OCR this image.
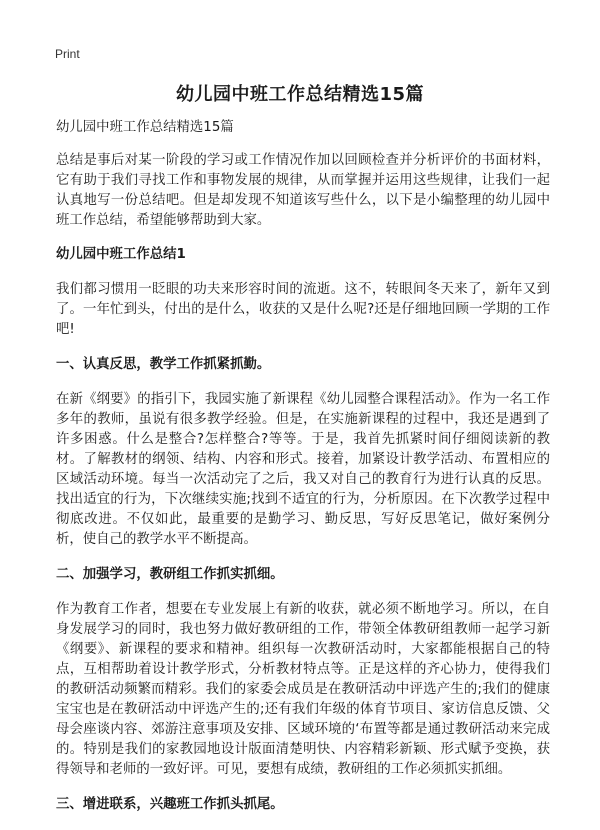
Print
幼儿园中班工作总结精选15篇

幼儿园中班工作总结精选15篇

总结是事后对某一阶段的学习或工作情况作加以回顾检查并分析评价的书面材料，它有助于我们寻找工作和事物发展的规律，从而掌握并运用这些规律，让我们一起认真地写一份总结吧。但是却发现不知道该写些什么，以下是小编整理的幼儿园中班工作总结，希望能够帮助到大家。

幼儿园中班工作总结1

我们都习惯用一眨眼的功夫来形容时间的流逝。这不，转眼间冬天来了，新年又到了。一年忙到头，付出的是什么，收获的又是什么呢?还是仔细地回顾一学期的工作吧!

一、认真反思，教学工作抓紧抓勤。

在新《纲要》的指引下，我园实施了新课程《幼儿园整合课程活动》。作为一名工作多年的教师，虽说有很多教学经验。但是，在实施新课程的过程中，我还是遇到了许多困惑。什么是整合?怎样整合?等等。于是，我首先抓紧时间仔细阅读新的教材。了解教材的纲领、结构、内容和形式。接着，加紧设计教学活动、布置相应的区域活动环境。每当一次活动完了之后，我又对自己的教育行为进行认真的反思。找出适宜的行为，下次继续实施;找到不适宜的行为，分析原因。在下次教学过程中彻底改进。不仅如此，最重要的是勤学习、勤反思，写好反思笔记，做好案例分析，使自己的教学水平不断提高。

二、加强学习，教研组工作抓实抓细。

作为教育工作者，想要在专业发展上有新的收获，就必须不断地学习。所以，在自身发展学习的同时，我也努力做好教研组的工作，带领全体教研组教师一起学习新《纲要》、新课程的要求和精神。组织每一次教研活动时，大家都能根据自己的特点，互相帮助着设计教学形式，分析教材特点等。正是这样的齐心协力，使得我们的教研活动频繁而精彩。我们的家委会成员是在教研活动中评选产生的;我们的健康宝宝也是在教研活动中评选产生的;还有我们年级的体育节项目、家访信息反馈、父母会座谈内容、郊游注意事项及安排、区域环境的‘布置等都是通过教研活动来完成的。特别是我们的家教园地设计版面清楚明快、内容精彩新颖、形式赋予变换，获得领导和老师的一致好评。可见，要想有成绩，教研组的工作必须抓实抓细。

三、增进联系，兴趣班工作抓头抓尾。
